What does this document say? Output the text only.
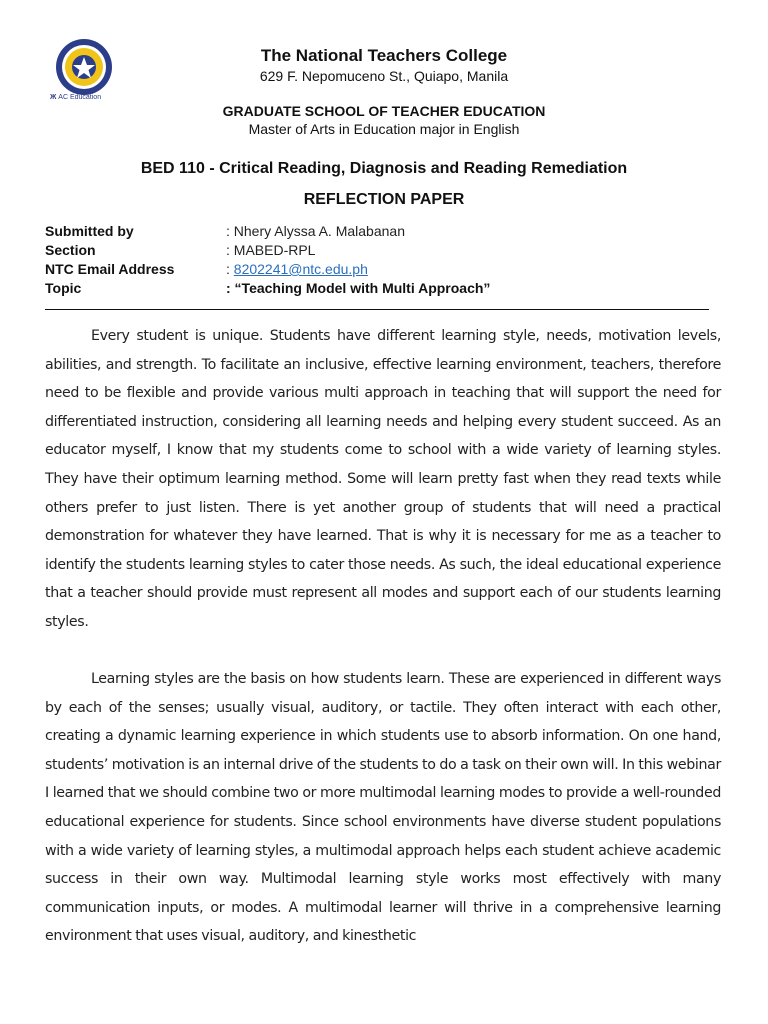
Ж AC Education
The National Teachers College
629 F. Nepomuceno St., Quiapo, Manila
GRADUATE SCHOOL OF TEACHER EDUCATION
Master of Arts in Education major in English
BED 110 - Critical Reading, Diagnosis and Reading Remediation
REFLECTION PAPER
Submitted by	: Nhery Alyssa A. Malabanan
Section	: MABED-RPL
NTC Email Address	: 8202241@ntc.edu.ph
Topic	: “Teaching Model with Multi Approach”

Every student is unique. Students have different learning style, needs, motivation levels, abilities, and strength. To facilitate an inclusive, effective learning environment, teachers, therefore need to be flexible and provide various multi approach in teaching that will support the need for differentiated instruction, considering all learning needs and helping every student succeed. As an educator myself, I know that my students come to school with a wide variety of learning styles. They have their optimum learning method. Some will learn pretty fast when they read texts while others prefer to just listen. There is yet another group of students that will need a practical demonstration for whatever they have learned. That is why it is necessary for me as a teacher to identify the students learning styles to cater those needs. As such, the ideal educational experience that a teacher should provide must represent all modes and support each of our students learning styles.

Learning styles are the basis on how students learn. These are experienced in different ways by each of the senses; usually visual, auditory, or tactile. They often interact with each other, creating a dynamic learning experience in which students use to absorb information. On one hand, students’ motivation is an internal drive of the students to do a task on their own will. In this webinar I learned that we should combine two or more multimodal learning modes to provide a well-rounded educational experience for students. Since school environments have diverse student populations with a wide variety of learning styles, a multimodal approach helps each student achieve academic success in their own way. Multimodal learning style works most effectively with many communication inputs, or modes. A multimodal learner will thrive in a comprehensive learning environment that uses visual, auditory, and kinesthetic
